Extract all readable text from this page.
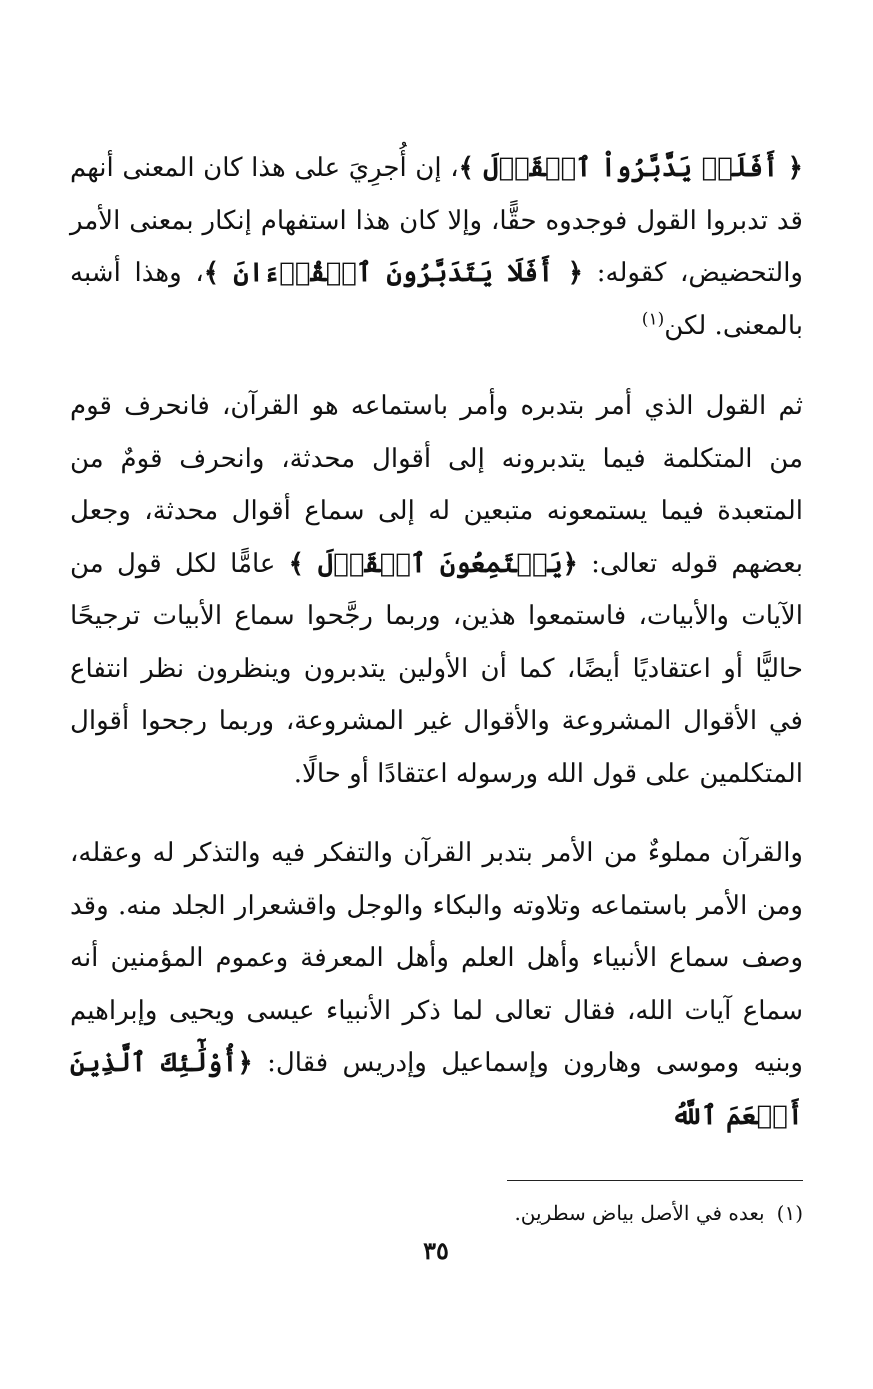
﴿ أَفَلَمۡ يَدَّبَّرُواْ ٱلۡقَوۡلَ ﴾، إن أُجرِيَ على هذا كان المعنى أنهم قد تدبروا القول فوجدوه حقًّا، وإلا كان هذا استفهام إنكار بمعنى الأمر والتحضيض، كقوله: ﴿ أَفَلَا يَتَدَبَّرُونَ ٱلۡقُرۡءَانَ ﴾، وهذا أشبه بالمعنى. لكن$^{(١)}$

ثم القول الذي أمر بتدبره وأمر باستماعه هو القرآن، فانحرف قوم من المتكلمة فيما يتدبرونه إلى أقوال محدثة، وانحرف قومٌ من المتعبدة فيما يستمعونه متبعين له إلى سماع أقوال محدثة، وجعل بعضهم قوله تعالى: ﴿يَسۡتَمِعُونَ ٱلۡقَوۡلَ ﴾ عامًّا لكل قول من الآيات والأبيات، فاستمعوا هذين، وربما رجَّحوا سماع الأبيات ترجيحًا حاليًّا أو اعتقاديًا أيضًا، كما أن الأولين يتدبرون وينظرون نظر انتفاع في الأقوال المشروعة والأقوال غير المشروعة، وربما رجحوا أقوال المتكلمين على قول الله ورسوله اعتقادًا أو حالًا.

والقرآن مملوءٌ من الأمر بتدبر القرآن والتفكر فيه والتذكر له وعقله، ومن الأمر باستماعه وتلاوته والبكاء والوجل واقشعرار الجلد منه. وقد وصف سماع الأنبياء وأهل العلم وأهل المعرفة وعموم المؤمنين أنه سماع آيات الله، فقال تعالى لما ذكر الأنبياء عيسى ويحيى وإبراهيم وبنيه وموسى وهارون وإسماعيل وإدريس فقال: ﴿أُوْلَٰٓئِكَ ٱلَّذِينَ أَنۡعَمَ ٱللَّهُ

(١)بعده في الأصل بياض سطرين.

٣٥
